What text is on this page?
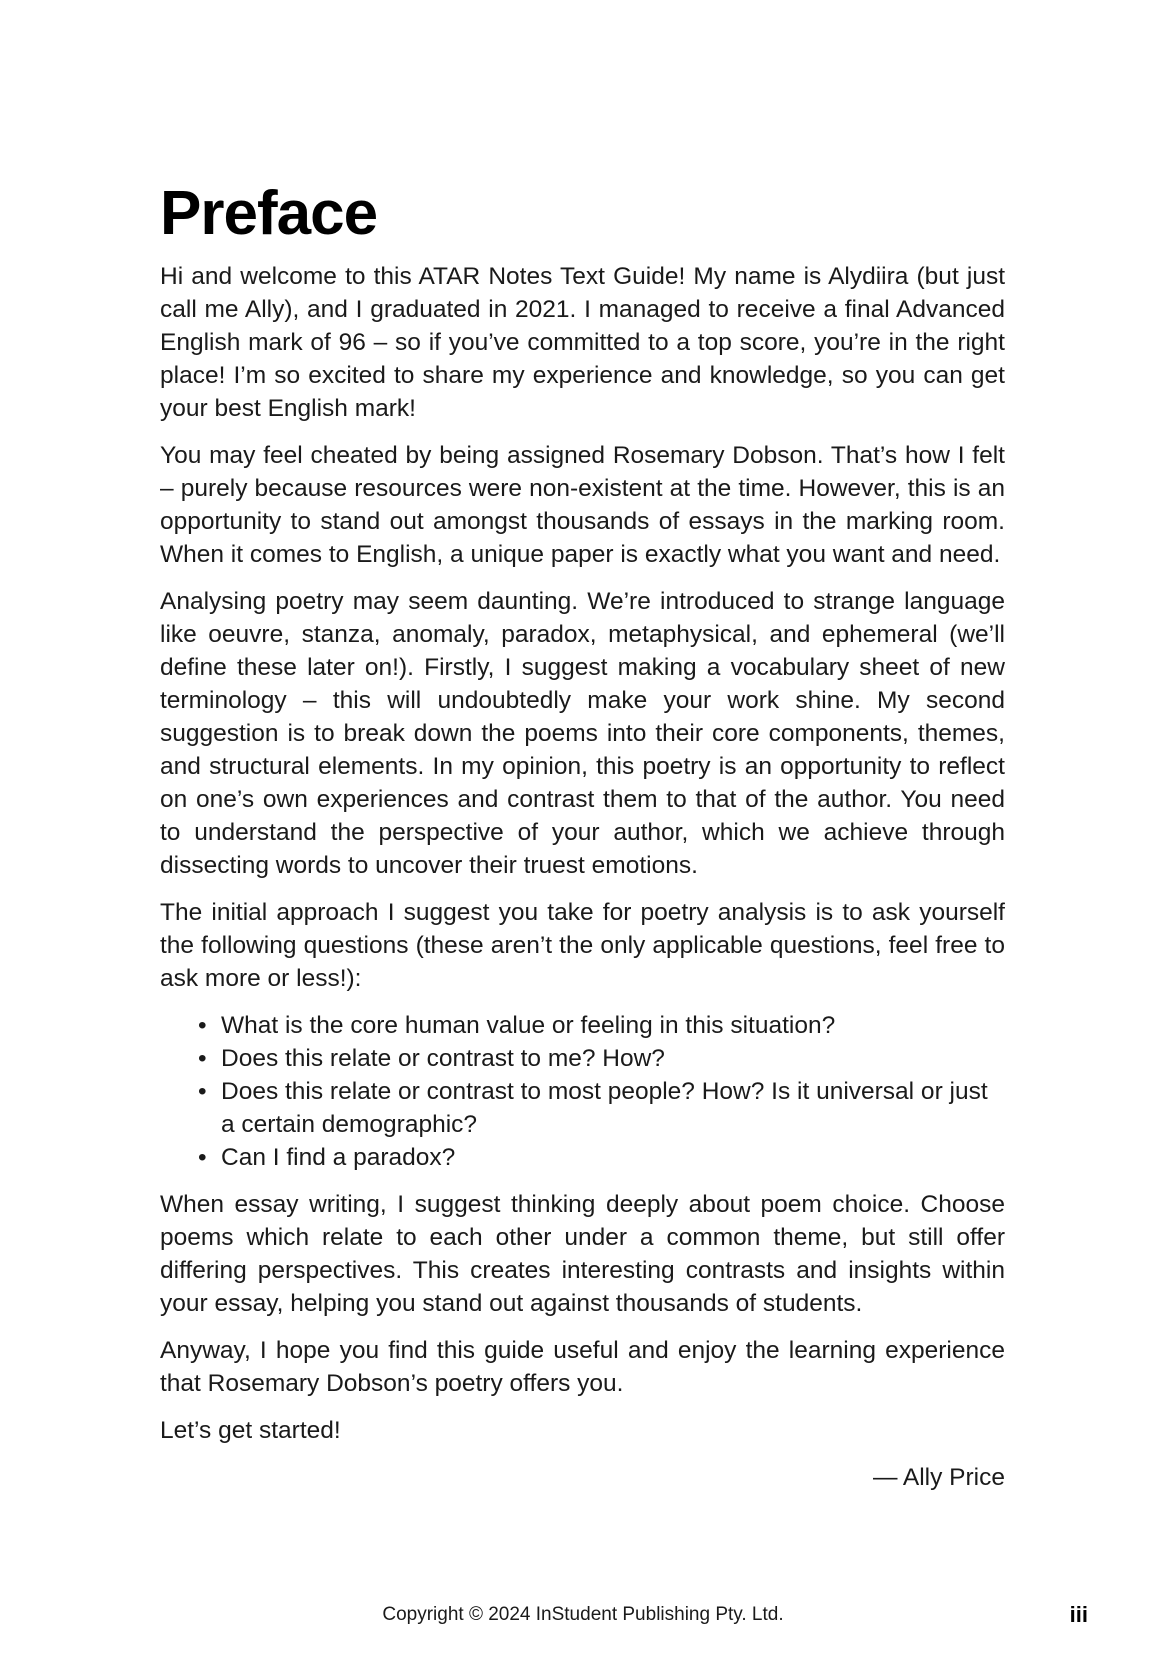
Preface

Hi and welcome to this ATAR Notes Text Guide! My name is Alydiira (but just call me Ally), and I graduated in 2021. I managed to receive a final Advanced English mark of 96 – so if you’ve committed to a top score, you’re in the right place! I’m so excited to share my experience and knowledge, so you can get your best English mark!

You may feel cheated by being assigned Rosemary Dobson. That’s how I felt – purely because resources were non-existent at the time. However, this is an opportunity to stand out amongst thousands of essays in the marking room. When it comes to English, a unique paper is exactly what you want and need.

Analysing poetry may seem daunting. We’re introduced to strange language like oeuvre, stanza, anomaly, paradox, metaphysical, and ephemeral (we’ll define these later on!). Firstly, I suggest making a vocabulary sheet of new terminology – this will undoubtedly make your work shine. My second suggestion is to break down the poems into their core components, themes, and structural elements. In my opinion, this poetry is an opportunity to reflect on one’s own experiences and contrast them to that of the author. You need to understand the perspective of your author, which we achieve through dissecting words to uncover their truest emotions.

The initial approach I suggest you take for poetry analysis is to ask yourself the following questions (these aren’t the only applicable questions, feel free to ask more or less!):

• What is the core human value or feeling in this situation?
• Does this relate or contrast to me? How?
• Does this relate or contrast to most people? How? Is it universal or just a certain demographic?
• Can I find a paradox?

When essay writing, I suggest thinking deeply about poem choice. Choose poems which relate to each other under a common theme, but still offer differing perspectives. This creates interesting contrasts and insights within your essay, helping you stand out against thousands of students.

Anyway, I hope you find this guide useful and enjoy the learning experience that Rosemary Dobson’s poetry offers you.

Let’s get started!

— Ally Price

Copyright © 2024 InStudent Publishing Pty. Ltd.	iii
